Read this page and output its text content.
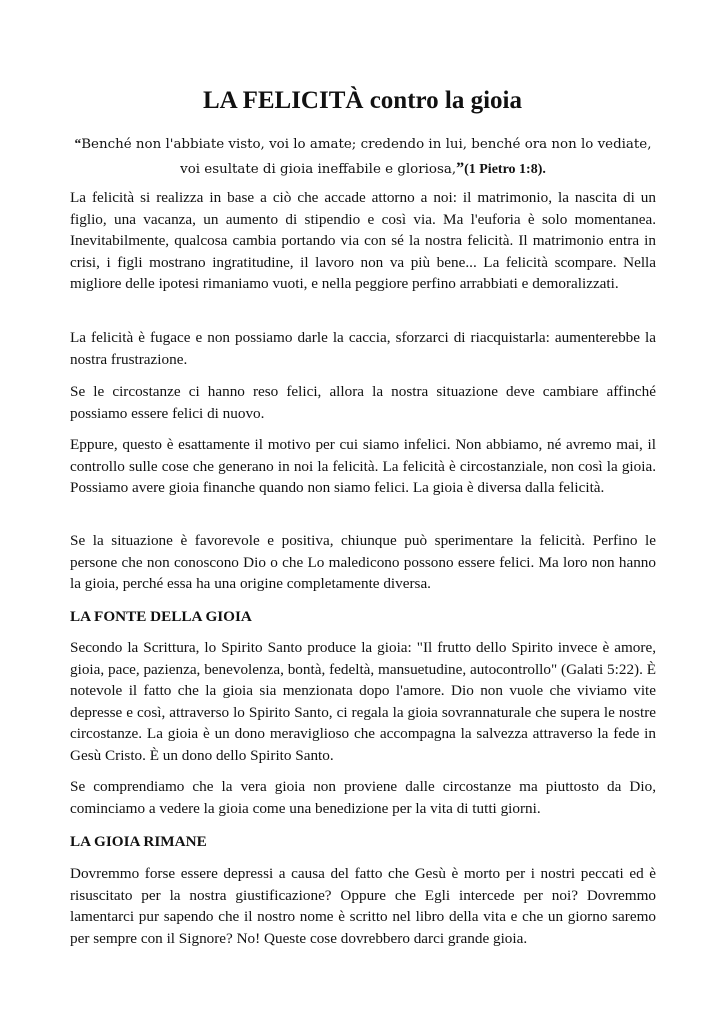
LA FELICITÀ contro la gioia

“Benché non l'abbiate visto, voi lo amate; credendo in lui, benché ora non lo vediate, voi esultate di gioia ineffabile e gloriosa,”(1 Pietro 1:8).

La felicità si realizza in base a ciò che accade attorno a noi: il matrimonio, la nascita di un figlio, una vacanza, un aumento di stipendio e così via. Ma l'euforia è solo momentanea. Inevitabilmente, qualcosa cambia portando via con sé la nostra felicità. Il matrimonio entra in crisi, i figli mostrano ingratitudine, il lavoro non va più bene... La felicità scompare. Nella migliore delle ipotesi rimaniamo vuoti, e nella peggiore perfino arrabbiati e demoralizzati.

La felicità è fugace e non possiamo darle la caccia, sforzarci di riacquistarla: aumenterebbe la nostra frustrazione.

Se le circostanze ci hanno reso felici, allora la nostra situazione deve cambiare affinché possiamo essere felici di nuovo.

Eppure, questo è esattamente il motivo per cui siamo infelici. Non abbiamo, né avremo mai, il controllo sulle cose che generano in noi la felicità. La felicità è circostanziale, non così la gioia. Possiamo avere gioia finanche quando non siamo felici. La gioia è diversa dalla felicità.

Se la situazione è favorevole e positiva, chiunque può sperimentare la felicità. Perfino le persone che non conoscono Dio o che Lo maledicono possono essere felici. Ma loro non hanno la gioia, perché essa ha una origine completamente diversa.

LA FONTE DELLA GIOIA

Secondo la Scrittura, lo Spirito Santo produce la gioia: "Il frutto dello Spirito invece è amore, gioia, pace, pazienza, benevolenza, bontà, fedeltà, mansuetudine, autocontrollo" (Galati 5:22). È notevole il fatto che la gioia sia menzionata dopo l'amore. Dio non vuole che viviamo vite depresse e così, attraverso lo Spirito Santo, ci regala la gioia sovrannaturale che supera le nostre circostanze. La gioia è un dono meraviglioso che accompagna la salvezza attraverso la fede in Gesù Cristo. È un dono dello Spirito Santo.

Se comprendiamo che la vera gioia non proviene dalle circostanze ma piuttosto da Dio, cominciamo a vedere la gioia come una benedizione per la vita di tutti giorni.

LA GIOIA RIMANE

Dovremmo forse essere depressi a causa del fatto che Gesù è morto per i nostri peccati ed è risuscitato per la nostra giustificazione? Oppure che Egli intercede per noi? Dovremmo lamentarci pur sapendo che il nostro nome è scritto nel libro della vita e che un giorno saremo per sempre con il Signore? No! Queste cose dovrebbero darci grande gioia.
